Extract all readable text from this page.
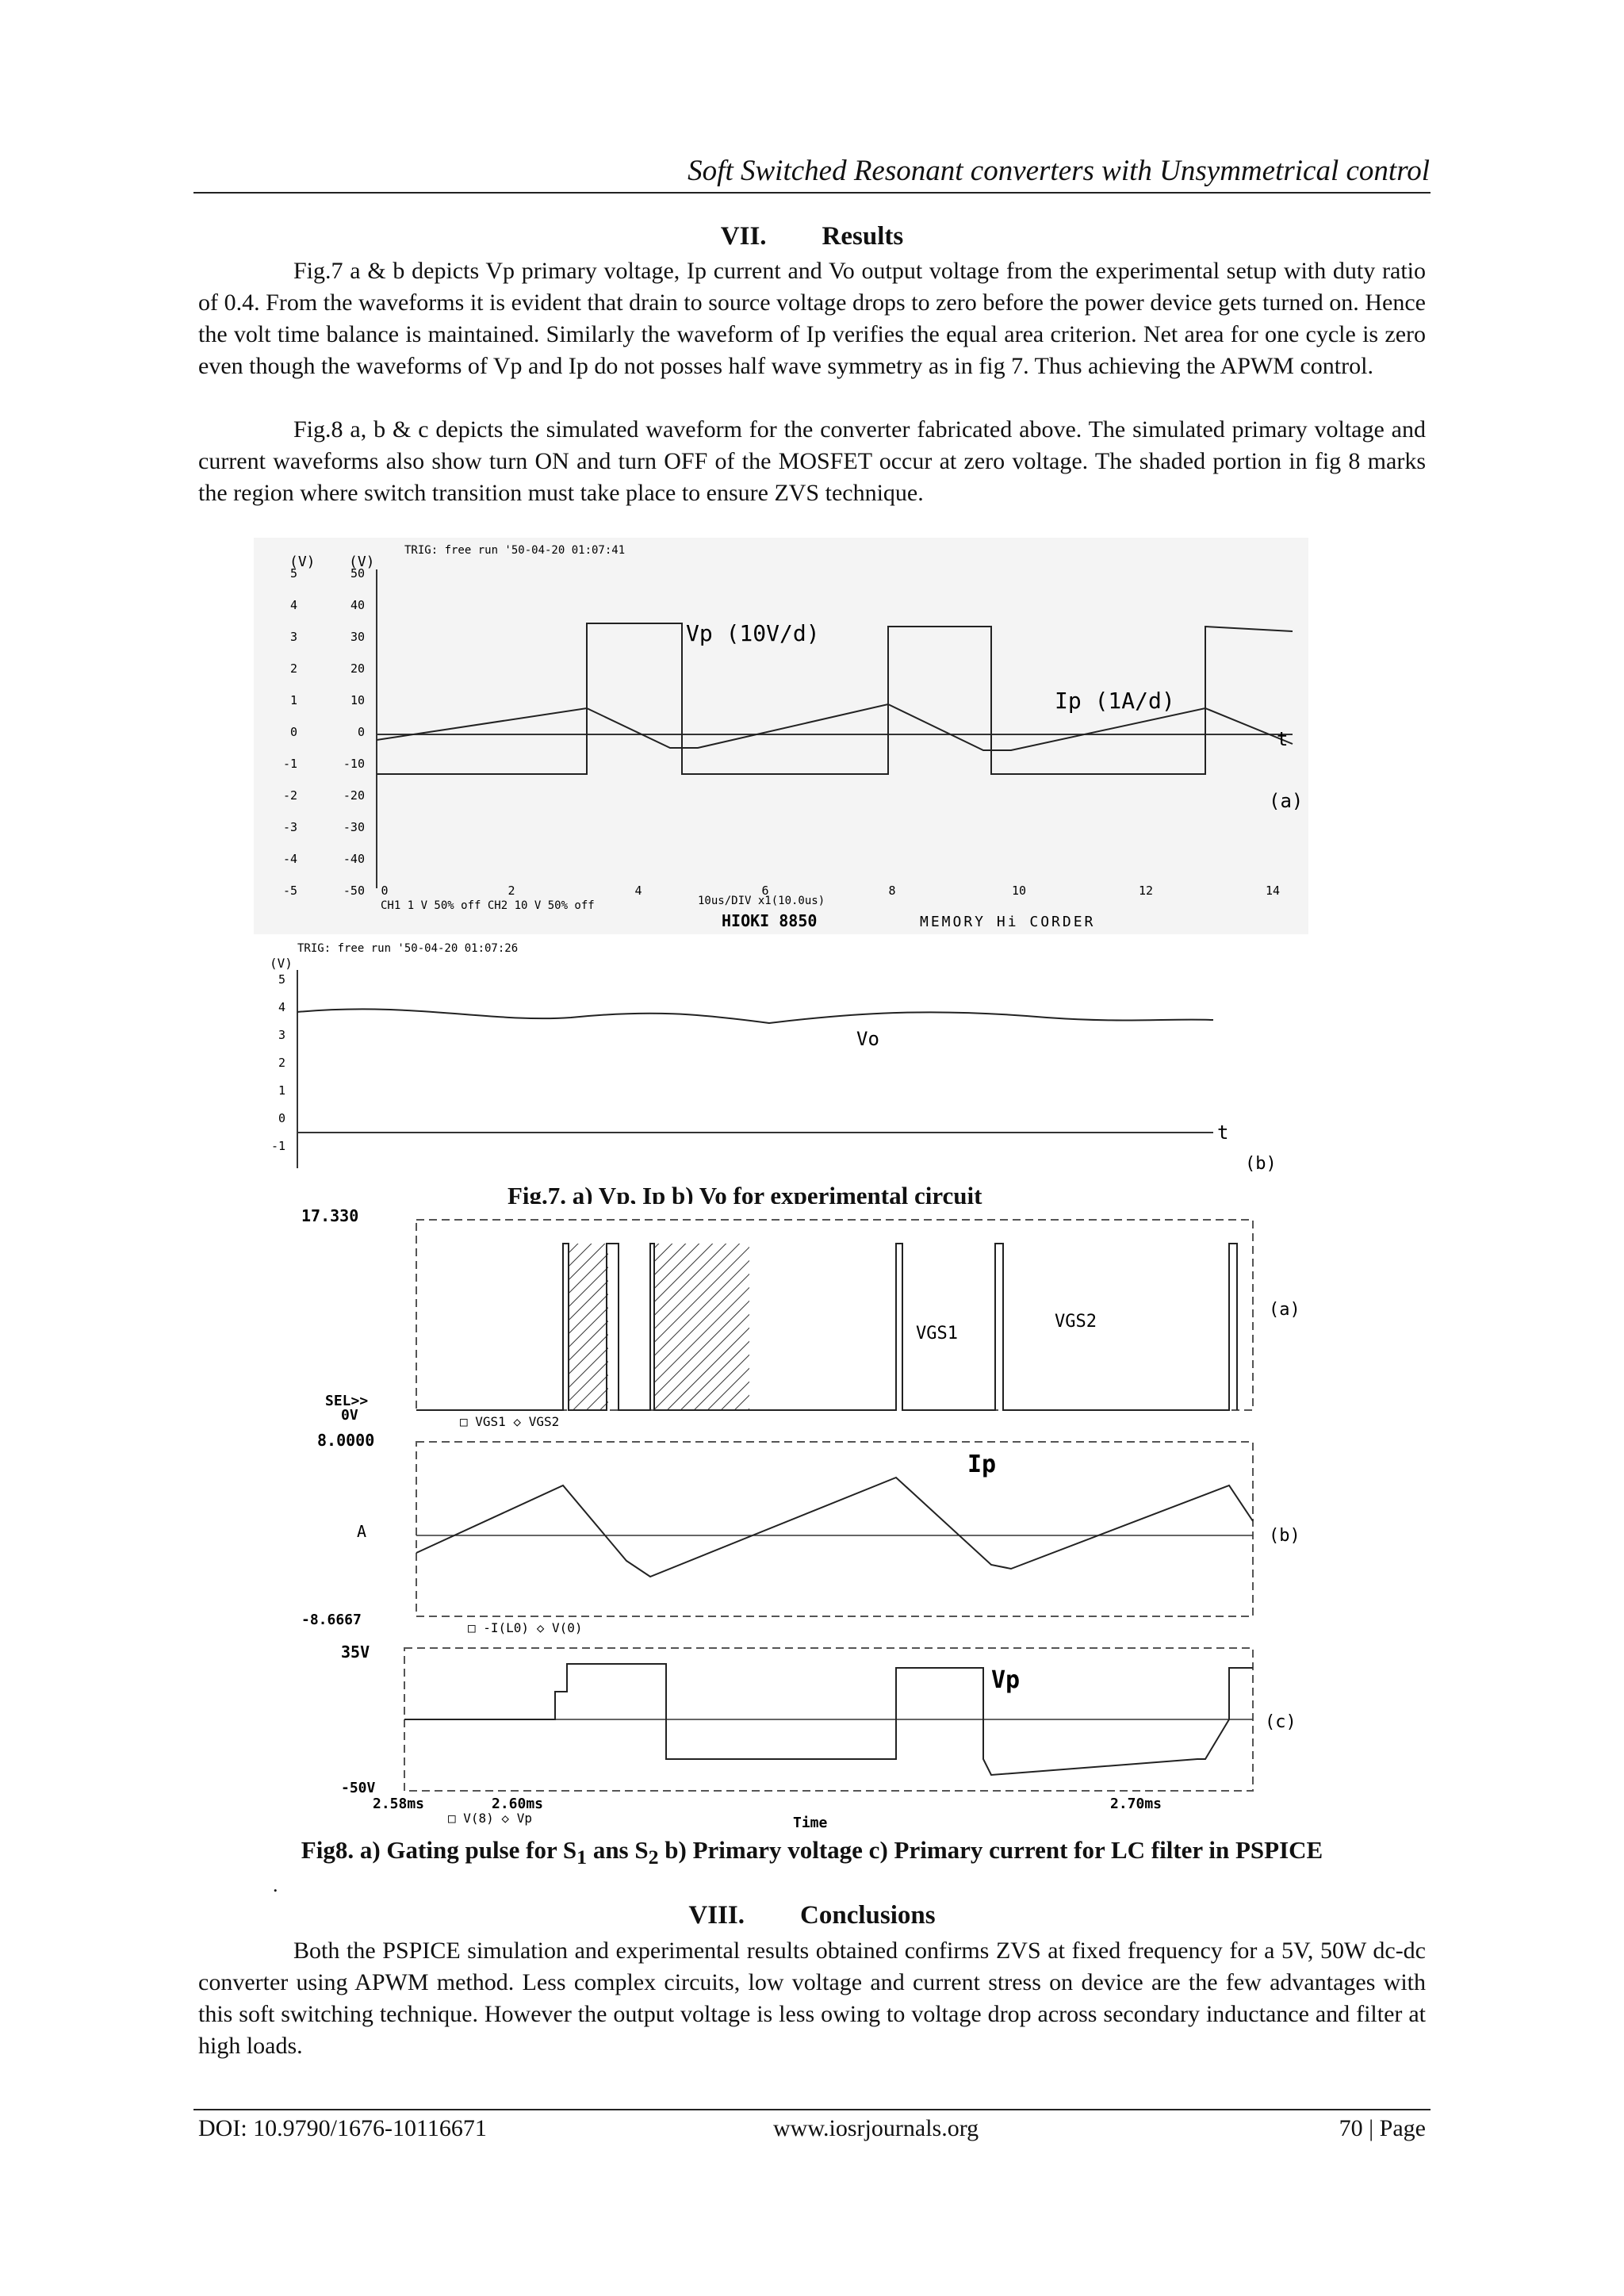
Soft Switched Resonant converters with Unsymmetrical control
VII. Results
Fig.7 a & b depicts Vp primary voltage, Ip current and Vo output voltage from the experimental setup with duty ratio of 0.4. From the waveforms it is evident that drain to source voltage drops to zero before the power device gets turned on. Hence the volt time balance is maintained. Similarly the waveform of Ip verifies the equal area criterion. Net area for one cycle is zero even though the waveforms of Vp and Ip do not posses half wave symmetry as in fig 7. Thus achieving the APWM control.
Fig.8 a, b & c depicts the simulated waveform for the converter fabricated above. The simulated primary voltage and current waveforms also show turn ON and turn OFF of the MOSFET occur at zero voltage. The shaded portion in fig 8 marks the region where switch transition must take place to ensure ZVS technique.
TRIG: free run '50-04-20 01:07:41
(V) (V)
5
4
3
2
1
0
-1
-2
-3
-4
-5
50
40
30
20
10
0
-10
-20
-30
-40
-50
Vp (10V/d)
Ip (1A/d)
t
(a)
0	2	4	6	8	10	12	14
CH1 1 V 50% off CH2 10 V 50% off	10us/DIV x1(10.0us)
HIOKI 8850	MEMORY Hi CORDER
TRIG: free run '50-04-20 01:07:26
(V)
5
4
3
2
1
0
-1
Vo
t
(b)
Fig.7. a) Vp, Ip b) Vo for experimental circuit
17.330
VGS1
VGS2
(a)
SEL>>
0V	□ VGS1 ◇ VGS2
8.0000
Ip
A	(b)
-8.6667	□ -I(L0) ◇ V(0)
35V
Vp
(c)
-50V
2.58ms	2.60ms	2.70ms
□ V(8) ◇ Vp	Time
Fig8. a) Gating pulse for $S_1$ ans $S_2$ b) Primary voltage c) Primary current for LC filter in PSPICE
.
VIII. Conclusions
Both the PSPICE simulation and experimental results obtained confirms ZVS at fixed frequency for a 5V, 50W dc-dc converter using APWM method. Less complex circuits, low voltage and current stress on device are the few advantages with this soft switching technique. However the output voltage is less owing to voltage drop across secondary inductance and filter at high loads.
DOI: 10.9790/1676-10116671	www.iosrjournals.org	70 | Page
